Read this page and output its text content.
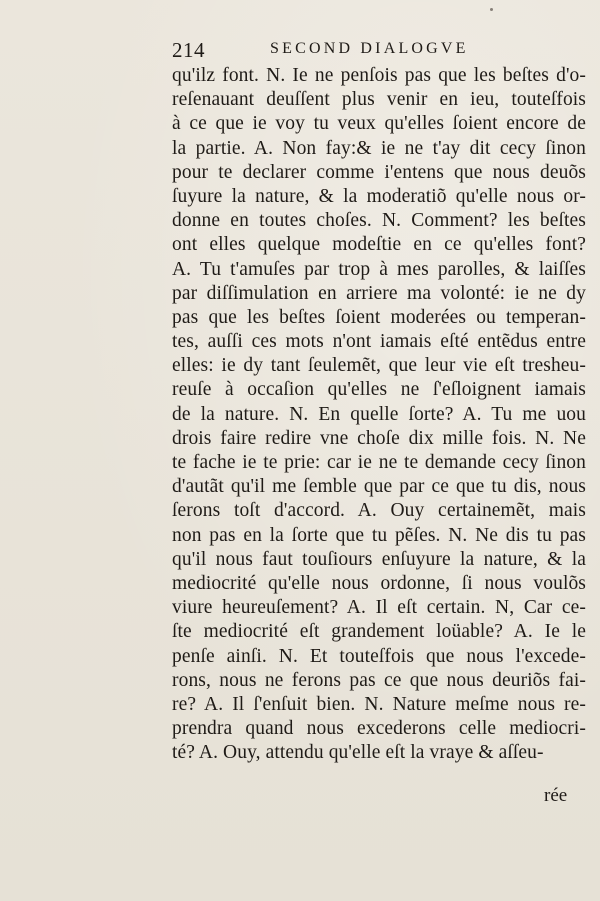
214	SECOND DIALOGVE
qu'ilz font. N. Ie ne penſois pas que les beſtes d'o-
reſenauant deuſſent plus venir en ieu, touteſfois
à ce que ie voy tu veux qu'elles ſoient encore de
la partie. A. Non fay:& ie ne t'ay dit cecy ſinon
pour te declarer comme i'entens que nous deuõs
ſuyure la nature, & la moderatiõ qu'elle nous or-
donne en toutes choſes. N. Comment? les beſtes
ont elles quelque modeſtie en ce qu'elles font?
A. Tu t'amuſes par trop à mes parolles, & laiſſes
par diſſimulation en arriere ma volonté: ie ne dy
pas que les beſtes ſoient moderées ou temperan-
tes, auſſi ces mots n'ont iamais eſté entẽdus entre
elles: ie dy tant ſeulemẽt, que leur vie eſt tresheu-
reuſe à occaſion qu'elles ne ſ'eſloignent iamais
de la nature. N. En quelle ſorte? A. Tu me uou
drois faire redire vne choſe dix mille fois. N. Ne
te fache ie te prie: car ie ne te demande cecy ſinon
d'autãt qu'il me ſemble que par ce que tu dis, nous
ſerons toſt d'accord. A. Ouy certainemẽt, mais
non pas en la ſorte que tu pẽſes. N. Ne dis tu pas
qu'il nous faut touſiours enſuyure la nature, & la
mediocrité qu'elle nous ordonne, ſi nous voulõs
viure heureuſement? A. Il eſt certain. N, Car ce-
ſte mediocrité eſt grandement loüable? A. Ie le
penſe ainſi. N. Et touteſfois que nous l'excede-
rons, nous ne ferons pas ce que nous deuriõs fai-
re? A. Il ſ'enſuit bien. N. Nature meſme nous re-
prendra quand nous excederons celle mediocri-
té? A. Ouy, attendu qu'elle eſt la vraye & aſſeu-
rée
